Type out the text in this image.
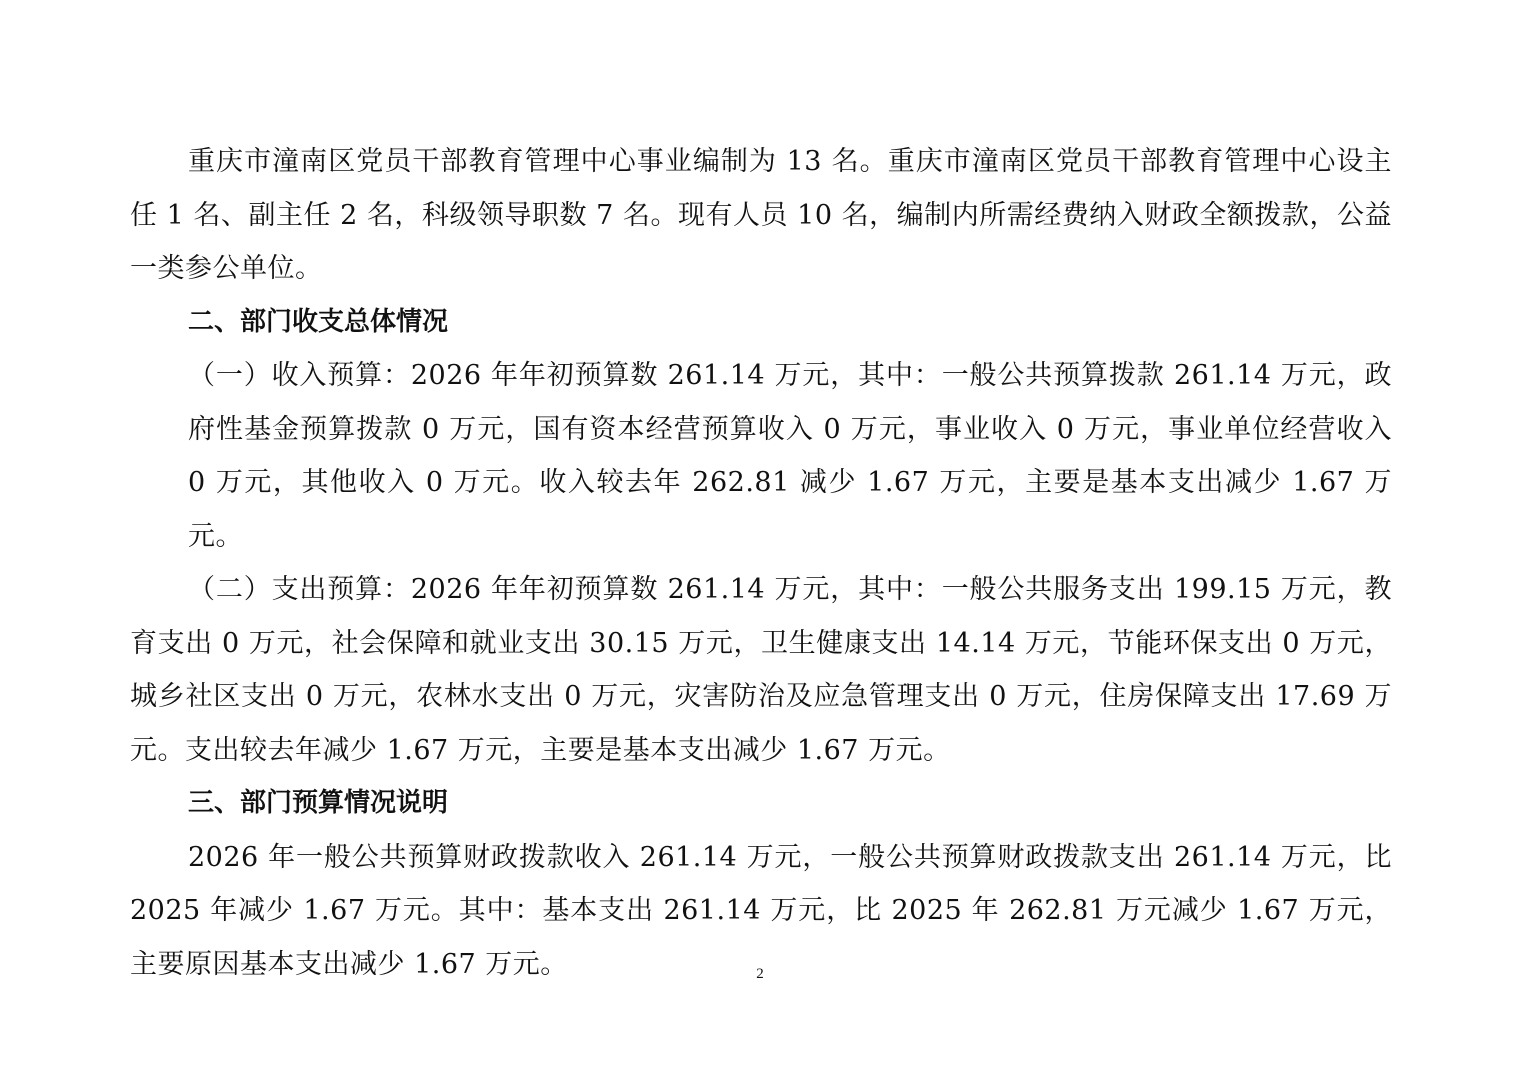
重庆市潼南区党员干部教育管理中心事业编制为 13 名。重庆市潼南区党员干部教育管理中心设主任 1 名、副主任 2 名，科级领导职数 7 名。现有人员 10 名，编制内所需经费纳入财政全额拨款，公益一类参公单位。

二、部门收支总体情况

（一）收入预算：2026 年年初预算数 261.14 万元，其中：一般公共预算拨款 261.14 万元，政府性基金预算拨款 0 万元，国有资本经营预算收入 0 万元，事业收入 0 万元，事业单位经营收入 0 万元，其他收入 0 万元。收入较去年 262.81 减少 1.67 万元，主要是基本支出减少 1.67 万元。

（二）支出预算：2026 年年初预算数 261.14 万元，其中：一般公共服务支出 199.15 万元，教育支出 0 万元，社会保障和就业支出 30.15 万元，卫生健康支出 14.14 万元，节能环保支出 0 万元，城乡社区支出 0 万元，农林水支出 0 万元，灾害防治及应急管理支出 0 万元，住房保障支出 17.69 万元。支出较去年减少 1.67 万元，主要是基本支出减少 1.67 万元。

三、部门预算情况说明

2026 年一般公共预算财政拨款收入 261.14 万元，一般公共预算财政拨款支出 261.14 万元，比 2025 年减少 1.67 万元。其中：基本支出 261.14 万元，比 2025 年 262.81 万元减少 1.67 万元，主要原因基本支出减少 1.67 万元。	2
